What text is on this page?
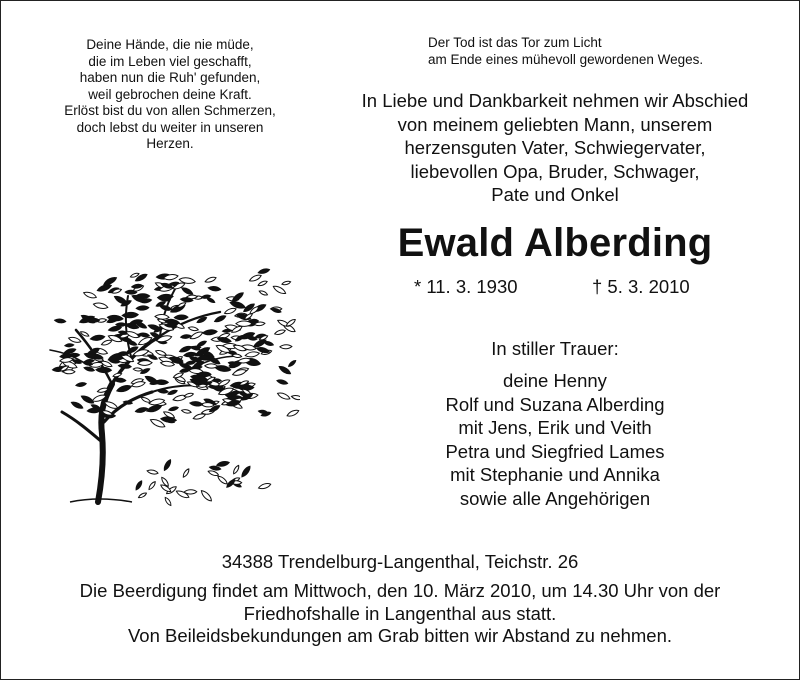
Deine Hände, die nie müde,
die im Leben viel geschafft,
haben nun die Ruh' gefunden,
weil gebrochen deine Kraft.
Erlöst bist du von allen Schmerzen,
doch lebst du weiter in unseren
Herzen.
Der Tod ist das Tor zum Licht
am Ende eines mühevoll gewordenen Weges.
In Liebe und Dankbarkeit nehmen wir Abschied
von meinem geliebten Mann, unserem
herzensguten Vater, Schwiegervater,
liebevollen Opa, Bruder, Schwager,
Pate und Onkel
Ewald Alberding
* 11. 3. 1930	† 5. 3. 2010
In stiller Trauer:
deine Henny
Rolf und Suzana Alberding
mit Jens, Erik und Veith
Petra und Siegfried Lames
mit Stephanie und Annika
sowie alle Angehörigen
34388 Trendelburg-Langenthal, Teichstr. 26
Die Beerdigung findet am Mittwoch, den 10. März 2010, um 14.30 Uhr von der
Friedhofshalle in Langenthal aus statt.
Von Beileidsbekundungen am Grab bitten wir Abstand zu nehmen.
